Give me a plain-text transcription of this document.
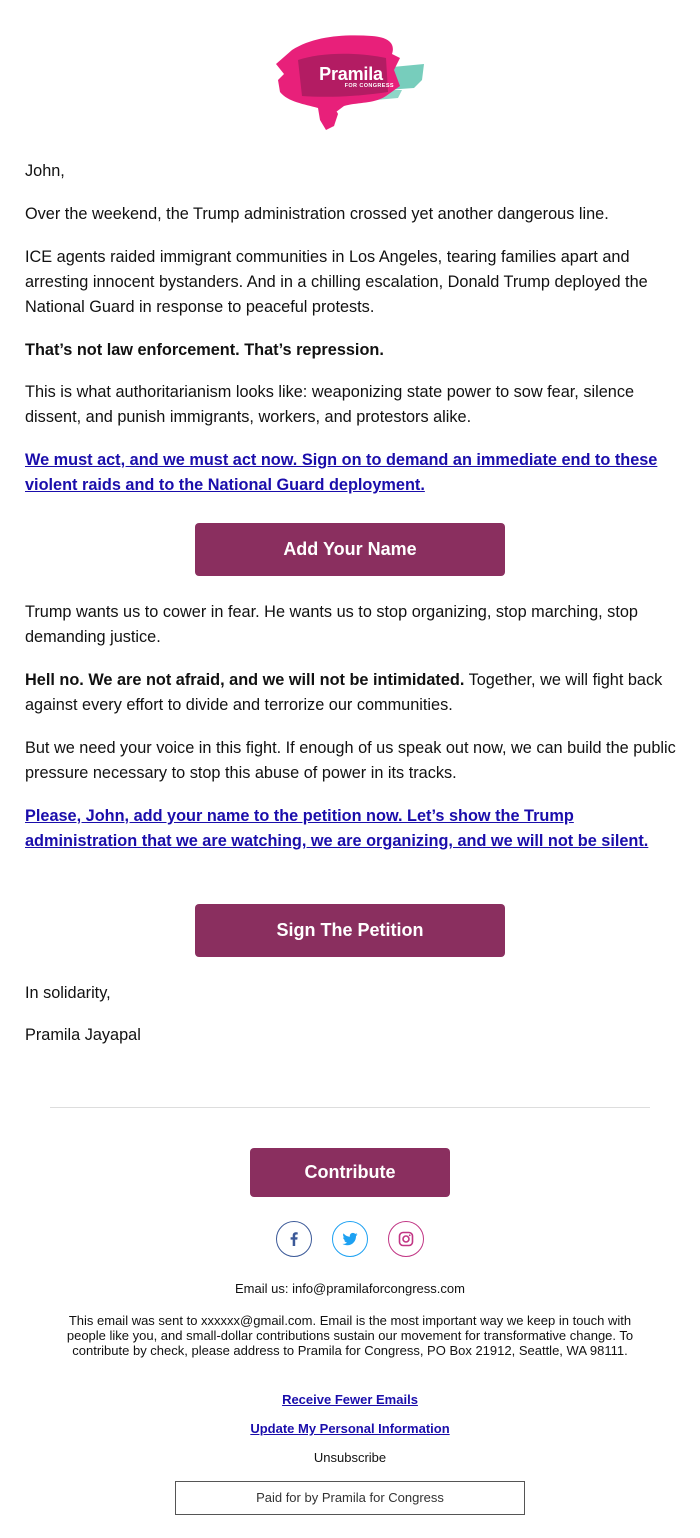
Pramila
FOR CONGRESS
John,
Over the weekend, the Trump administration crossed yet another dangerous line.
ICE agents raided immigrant communities in Los Angeles, tearing families apart and arresting innocent bystanders. And in a chilling escalation, Donald Trump deployed the National Guard in response to peaceful protests.
That’s not law enforcement. That’s repression.
This is what authoritarianism looks like: weaponizing state power to sow fear, silence dissent, and punish immigrants, workers, and protestors alike.
We must act, and we must act now. Sign on to demand an immediate end to these violent raids and to the National Guard deployment.
Add Your Name
Trump wants us to cower in fear. He wants us to stop organizing, stop marching, stop demanding justice.
Hell no. We are not afraid, and we will not be intimidated. Together, we will fight back against every effort to divide and terrorize our communities.
But we need your voice in this fight. If enough of us speak out now, we can build the public pressure necessary to stop this abuse of power in its tracks.
Please, John, add your name to the petition now. Let’s show the Trump administration that we are watching, we are organizing, and we will not be silent.
Sign The Petition
In solidarity,
Pramila Jayapal
Contribute
Email us: info@pramilaforcongress.com
This email was sent to xxxxxx@gmail.com. Email is the most important way we keep in touch with people like you, and small-dollar contributions sustain our movement for transformative change. To contribute by check, please address to Pramila for Congress, PO Box 21912, Seattle, WA 98111.
Receive Fewer Emails
Update My Personal Information
Unsubscribe
Paid for by Pramila for Congress
